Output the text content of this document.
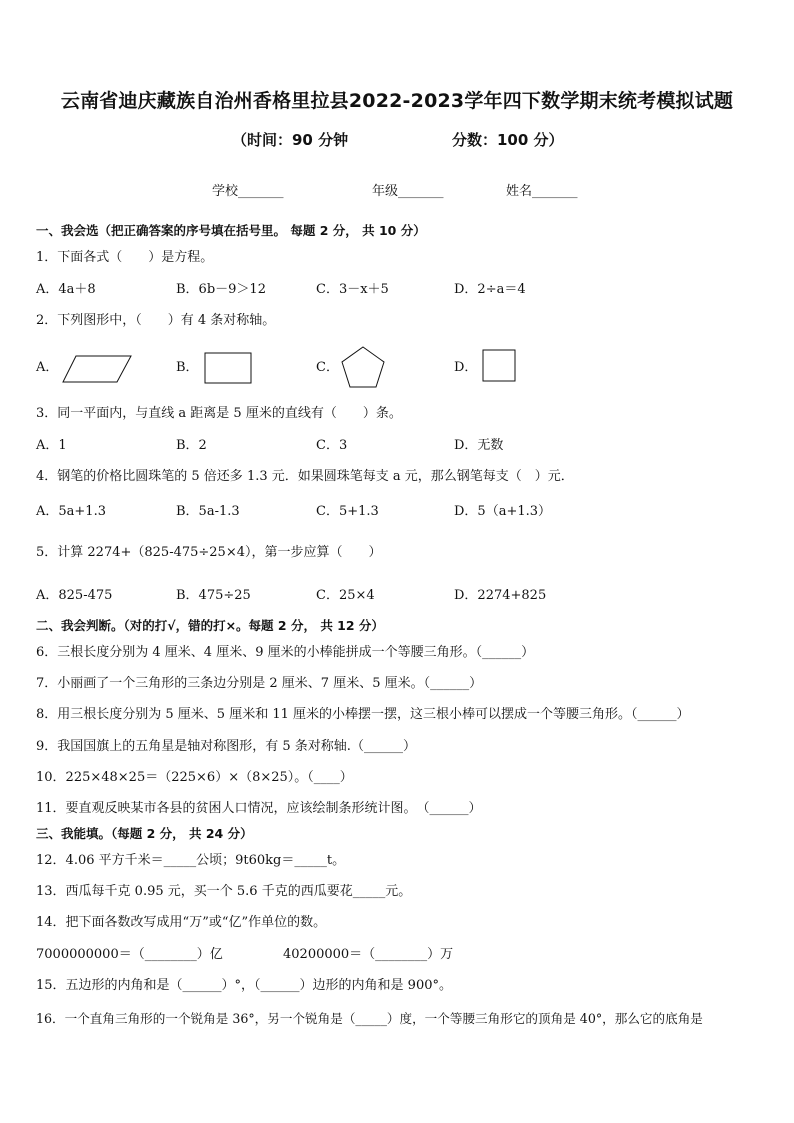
云南省迪庆藏族自治州香格里拉县2022-2023学年四下数学期末统考模拟试题
（时间：90 分钟	分数：100 分）
学校_______	年级_______	姓名_______
一、我会选（把正确答案的序号填在括号里。 每题 2 分， 共 10 分）
1．下面各式（　　）是方程。
A．4a＋8	B．6b－9＞12	C．3－x＋5	D．2÷a＝4
2．下列图形中，（　　）有 4 条对称轴。
A．	B．	C．	D．
3．同一平面内，与直线 a 距离是 5 厘米的直线有（　　）条。
A．1	B．2	C．3	D．无数
4．钢笔的价格比圆珠笔的 5 倍还多 1.3 元．如果圆珠笔每支 a 元，那么钢笔每支（　）元．
A．5a+1.3	B．5a-1.3	C．5+1.3	D．5（a+1.3）
5．计算 2274+（825-475÷25×4），第一步应算（　　）
A．825-475	B．475÷25	C．25×4	D．2274+825
二、我会判断。（对的打√，错的打×。每题 2 分， 共 12 分）
6．三根长度分别为 4 厘米、4 厘米、9 厘米的小棒能拼成一个等腰三角形。（______）
7．小丽画了一个三角形的三条边分别是 2 厘米、7 厘米、5 厘米。（______）
8．用三根长度分别为 5 厘米、5 厘米和 11 厘米的小棒摆一摆，这三根小棒可以摆成一个等腰三角形。（______）
9．我国国旗上的五角星是轴对称图形，有 5 条对称轴.（______）
10．225×48×25＝（225×6）×（8×25）。（____）
11．要直观反映某市各县的贫困人口情况，应该绘制条形统计图。　（______）
三、我能填。（每题 2 分， 共 24 分）
12．4.06 平方千米＝_____公顷；9t60kg＝_____t。
13．西瓜每千克 0.95 元，买一个 5.6 千克的西瓜要花_____元。
14．把下面各数改写成用“万”或“亿”作单位的数。
7000000000＝（________）亿	40200000＝（________）万
15．五边形的内角和是（______）°，（______）边形的内角和是 900°。
16．一个直角三角形的一个锐角是 36°，另一个锐角是（_____）度，一个等腰三角形它的顶角是 40°，那么它的底角是
